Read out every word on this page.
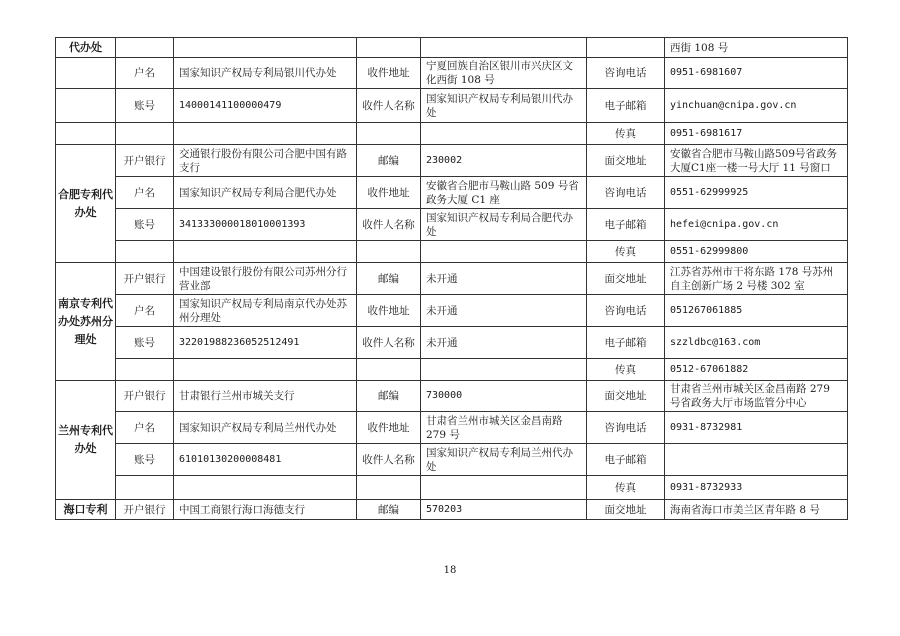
代办处						西街 108 号
	户名	国家知识产权局专利局银川代办处	收件地址	宁夏回族自治区银川市兴庆区文化西街 108 号	咨询电话	0951-6981607
	账号	14000141100000479	收件人名称	国家知识产权局专利局银川代办处	电子邮箱	yinchuan@cnipa.gov.cn
					传真	0951-6981617
合肥专利代办处	开户银行	交通银行股份有限公司合肥中国有路支行	邮编	230002	面交地址	安徽省合肥市马鞍山路509号省政务大厦C1座一楼一号大厅 11 号窗口
	户名	国家知识产权局专利局合肥代办处	收件地址	安徽省合肥市马鞍山路 509 号省政务大厦 C1 座	咨询电话	0551-62999925
	账号	341333000018010001393	收件人名称	国家知识产权局专利局合肥代办处	电子邮箱	hefei@cnipa.gov.cn
					传真	0551-62999800
南京专利代办处苏州分理处	开户银行	中国建设银行股份有限公司苏州分行营业部	邮编	未开通	面交地址	江苏省苏州市干将东路 178 号苏州自主创新广场 2 号楼 302 室
	户名	国家知识产权局专利局南京代办处苏州分理处	收件地址	未开通	咨询电话	051267061885
	账号	32201988236052512491	收件人名称	未开通	电子邮箱	szzldbc@163.com
					传真	0512-67061882
兰州专利代办处	开户银行	甘肃银行兰州市城关支行	邮编	730000	面交地址	甘肃省兰州市城关区金昌南路 279 号省政务大厅市场监管分中心
	户名	国家知识产权局专利局兰州代办处	收件地址	甘肃省兰州市城关区金昌南路 279 号	咨询电话	0931-8732981
	账号	61010130200008481	收件人名称	国家知识产权局专利局兰州代办处	电子邮箱	
					传真	0931-8732933
海口专利	开户银行	中国工商银行海口海德支行	邮编	570203	面交地址	海南省海口市美兰区青年路 8 号
18
